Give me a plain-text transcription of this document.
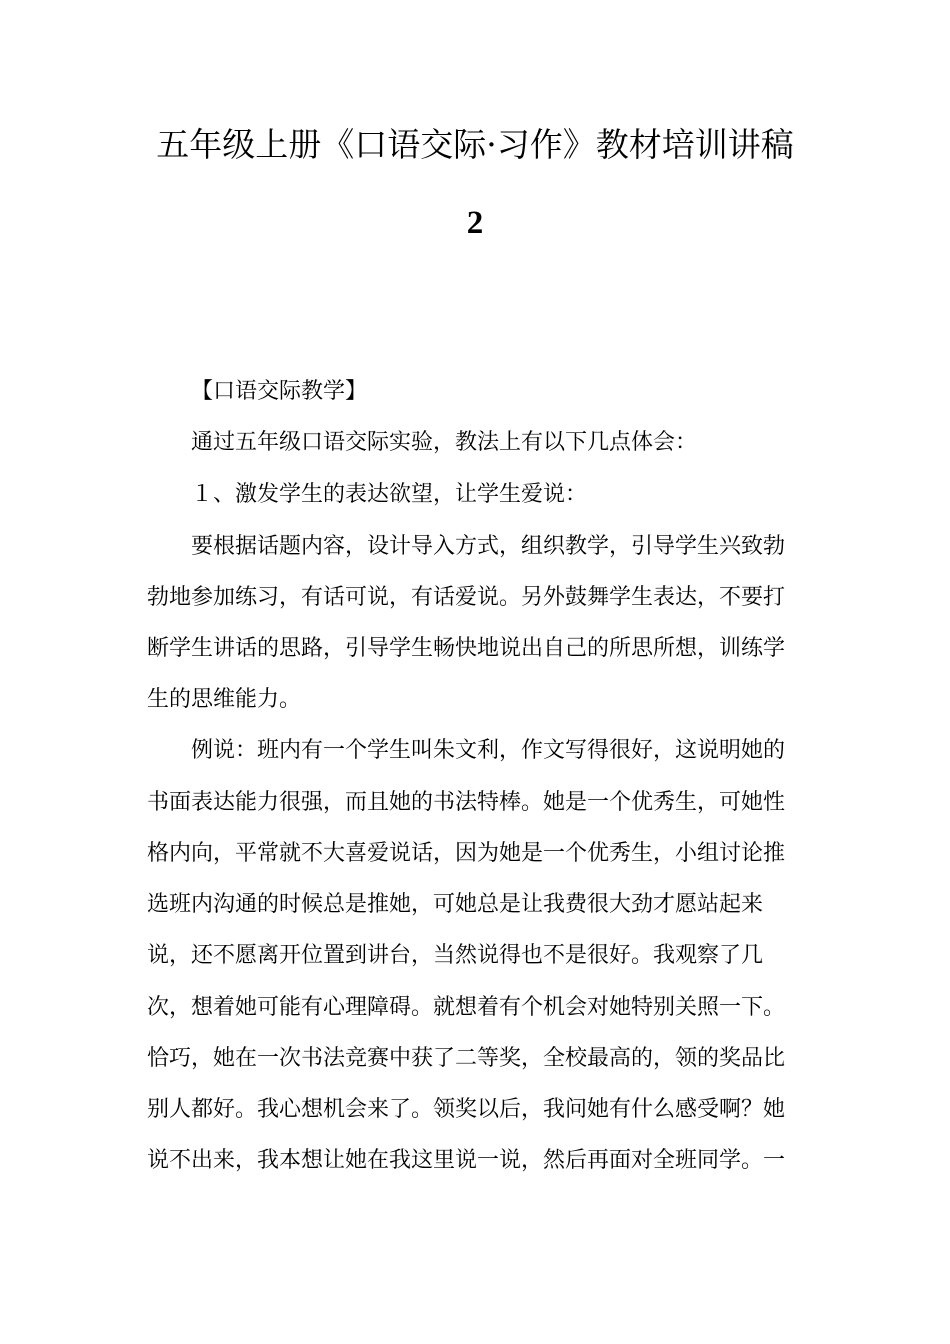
五年级上册《口语交际·习作》教材培训讲稿
2
【口语交际教学】
通过五年级口语交际实验，教法上有以下几点体会：
１、激发学生的表达欲望，让学生爱说：
要根据话题内容，设计导入方式，组织教学，引导学生兴致勃
勃地参加练习，有话可说，有话爱说。另外鼓舞学生表达，不要打
断学生讲话的思路，引导学生畅快地说出自己的所思所想，训练学
生的思维能力。
例说：班内有一个学生叫朱文利，作文写得很好，这说明她的
书面表达能力很强，而且她的书法特棒。她是一个优秀生，可她性
格内向，平常就不大喜爱说话，因为她是一个优秀生，小组讨论推
选班内沟通的时候总是推她，可她总是让我费很大劲才愿站起来
说，还不愿离开位置到讲台，当然说得也不是很好。我观察了几
次，想着她可能有心理障碍。就想着有个机会对她特别关照一下。
恰巧，她在一次书法竞赛中获了二等奖，全校最高的，领的奖品比
别人都好。我心想机会来了。领奖以后，我问她有什么感受啊？她
说不出来，我本想让她在我这里说一说，然后再面对全班同学。一
